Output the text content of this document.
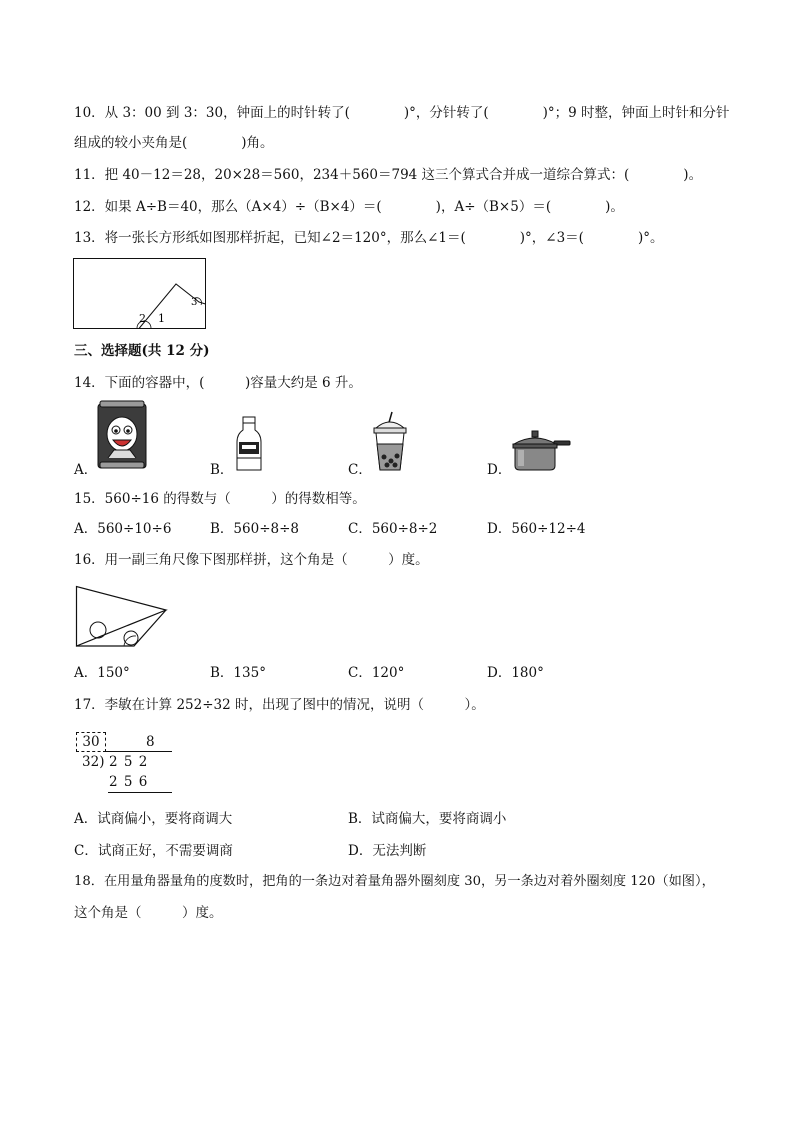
10．从 3：00 到 3：30，钟面上的时针转了(　　　　)°，分针转了(　　　　)°；9 时整，钟面上时针和分针
组成的较小夹角是(　　　　)角。
11．把 40－12＝28，20×28＝560，234＋560＝794 这三个算式合并成一道综合算式：(　　　　)。
12．如果 A÷B＝40，那么（A×4）÷（B×4）＝(　　　　)，A÷（B×5）＝(　　　　)。
13．将一张长方形纸如图那样折起，已知∠2＝120°，那么∠1＝(　　　　)°，∠3＝(　　　　)°。
2 1
3
三、选择题(共 12 分)
14．下面的容器中，(　　　)容量大约是 6 升。
A．	B．	C．	D．
15．560÷16 的得数与（　　　）的得数相等。
A．560÷10÷6	B．560÷8÷8	C．560÷8÷2	D．560÷12÷4
16．用一副三角尺像下图那样拼，这个角是（　　　）度。
A．150°	B．135°	C．120°	D．180°
17．李敏在计算 252÷32 时，出现了图中的情况，说明（　　　）。
30	8
32) 2 5 2
2 5 6
A．试商偏小，要将商调大	B．试商偏大，要将商调小
C．试商正好，不需要调商	D．无法判断
18．在用量角器量角的度数时，把角的一条边对着量角器外圈刻度 30，另一条边对着外圈刻度 120（如图），
这个角是（　　　）度。
